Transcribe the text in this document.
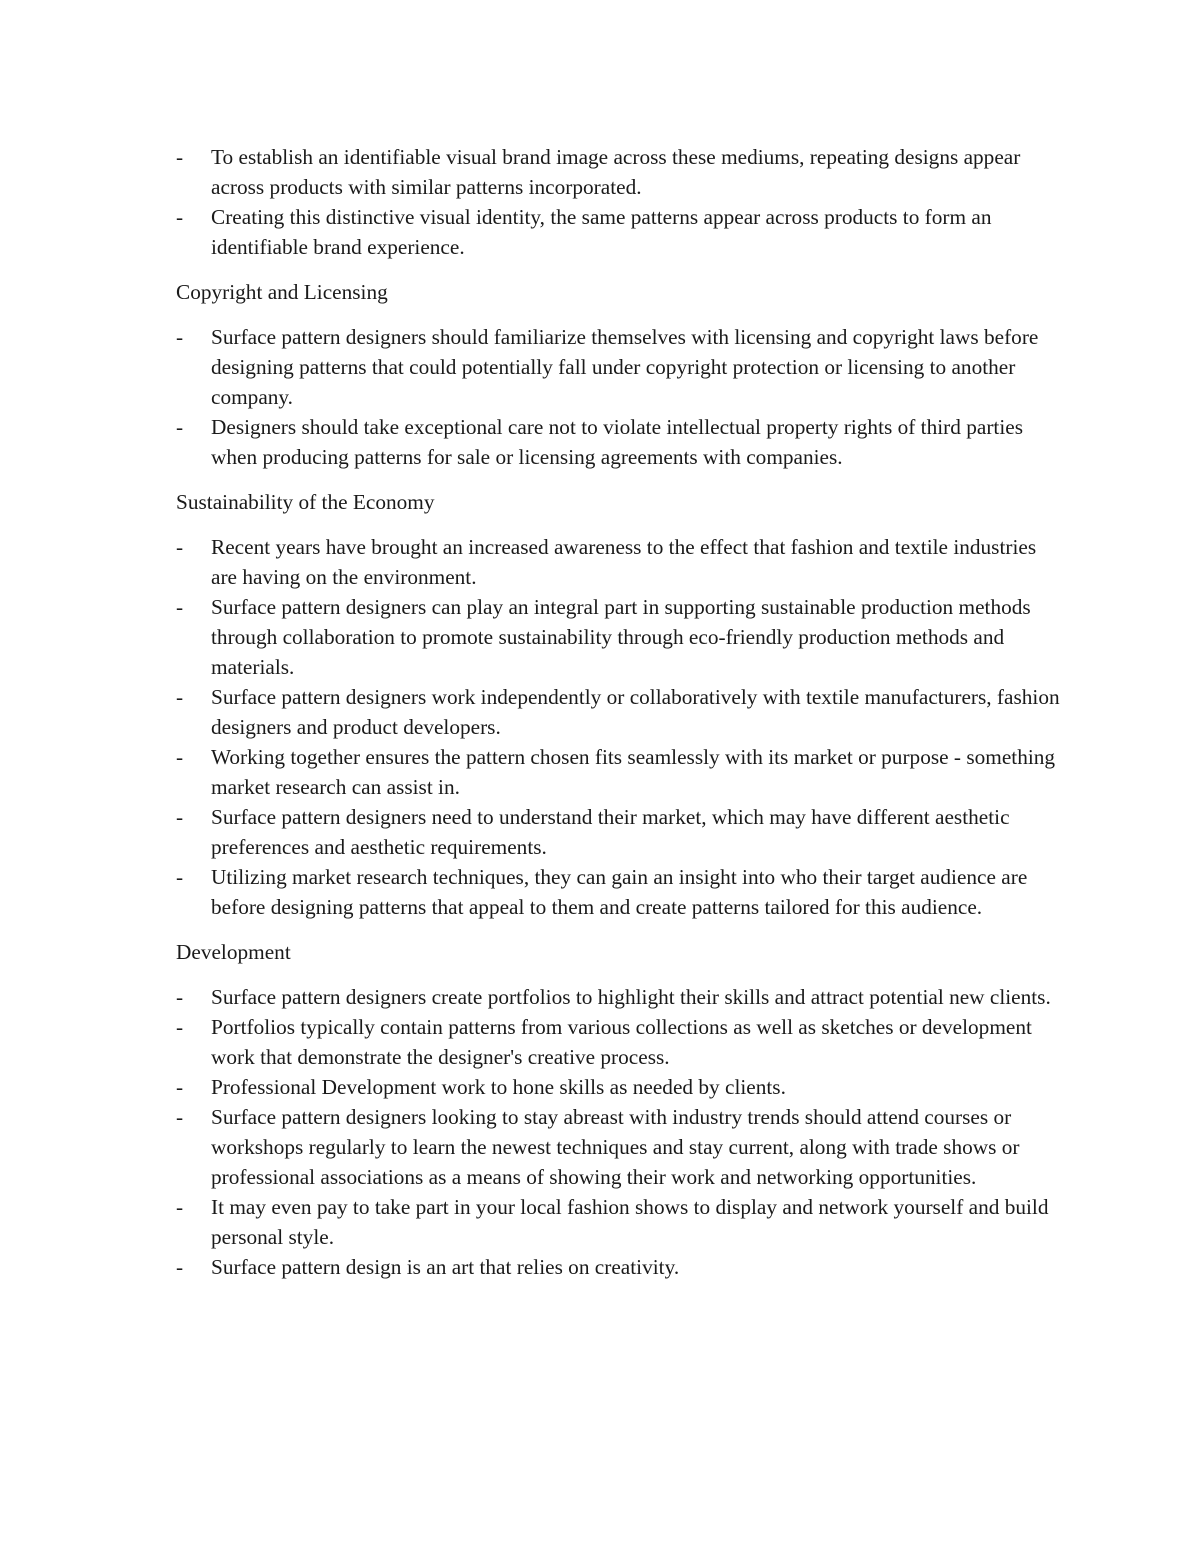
- To establish an identifiable visual brand image across these mediums, repeating designs appear across products with similar patterns incorporated.
- Creating this distinctive visual identity, the same patterns appear across products to form an identifiable brand experience.
Copyright and Licensing
- Surface pattern designers should familiarize themselves with licensing and copyright laws before designing patterns that could potentially fall under copyright protection or licensing to another company.
- Designers should take exceptional care not to violate intellectual property rights of third parties when producing patterns for sale or licensing agreements with companies.
Sustainability of the Economy
- Recent years have brought an increased awareness to the effect that fashion and textile industries are having on the environment.
- Surface pattern designers can play an integral part in supporting sustainable production methods through collaboration to promote sustainability through eco-friendly production methods and materials.
- Surface pattern designers work independently or collaboratively with textile manufacturers, fashion designers and product developers.
- Working together ensures the pattern chosen fits seamlessly with its market or purpose - something market research can assist in.
- Surface pattern designers need to understand their market, which may have different aesthetic preferences and aesthetic requirements.
- Utilizing market research techniques, they can gain an insight into who their target audience are before designing patterns that appeal to them and create patterns tailored for this audience.
Development
- Surface pattern designers create portfolios to highlight their skills and attract potential new clients.
- Portfolios typically contain patterns from various collections as well as sketches or development work that demonstrate the designer's creative process.
- Professional Development work to hone skills as needed by clients.
- Surface pattern designers looking to stay abreast with industry trends should attend courses or workshops regularly to learn the newest techniques and stay current, along with trade shows or professional associations as a means of showing their work and networking opportunities.
- It may even pay to take part in your local fashion shows to display and network yourself and build personal style.
- Surface pattern design is an art that relies on creativity.
